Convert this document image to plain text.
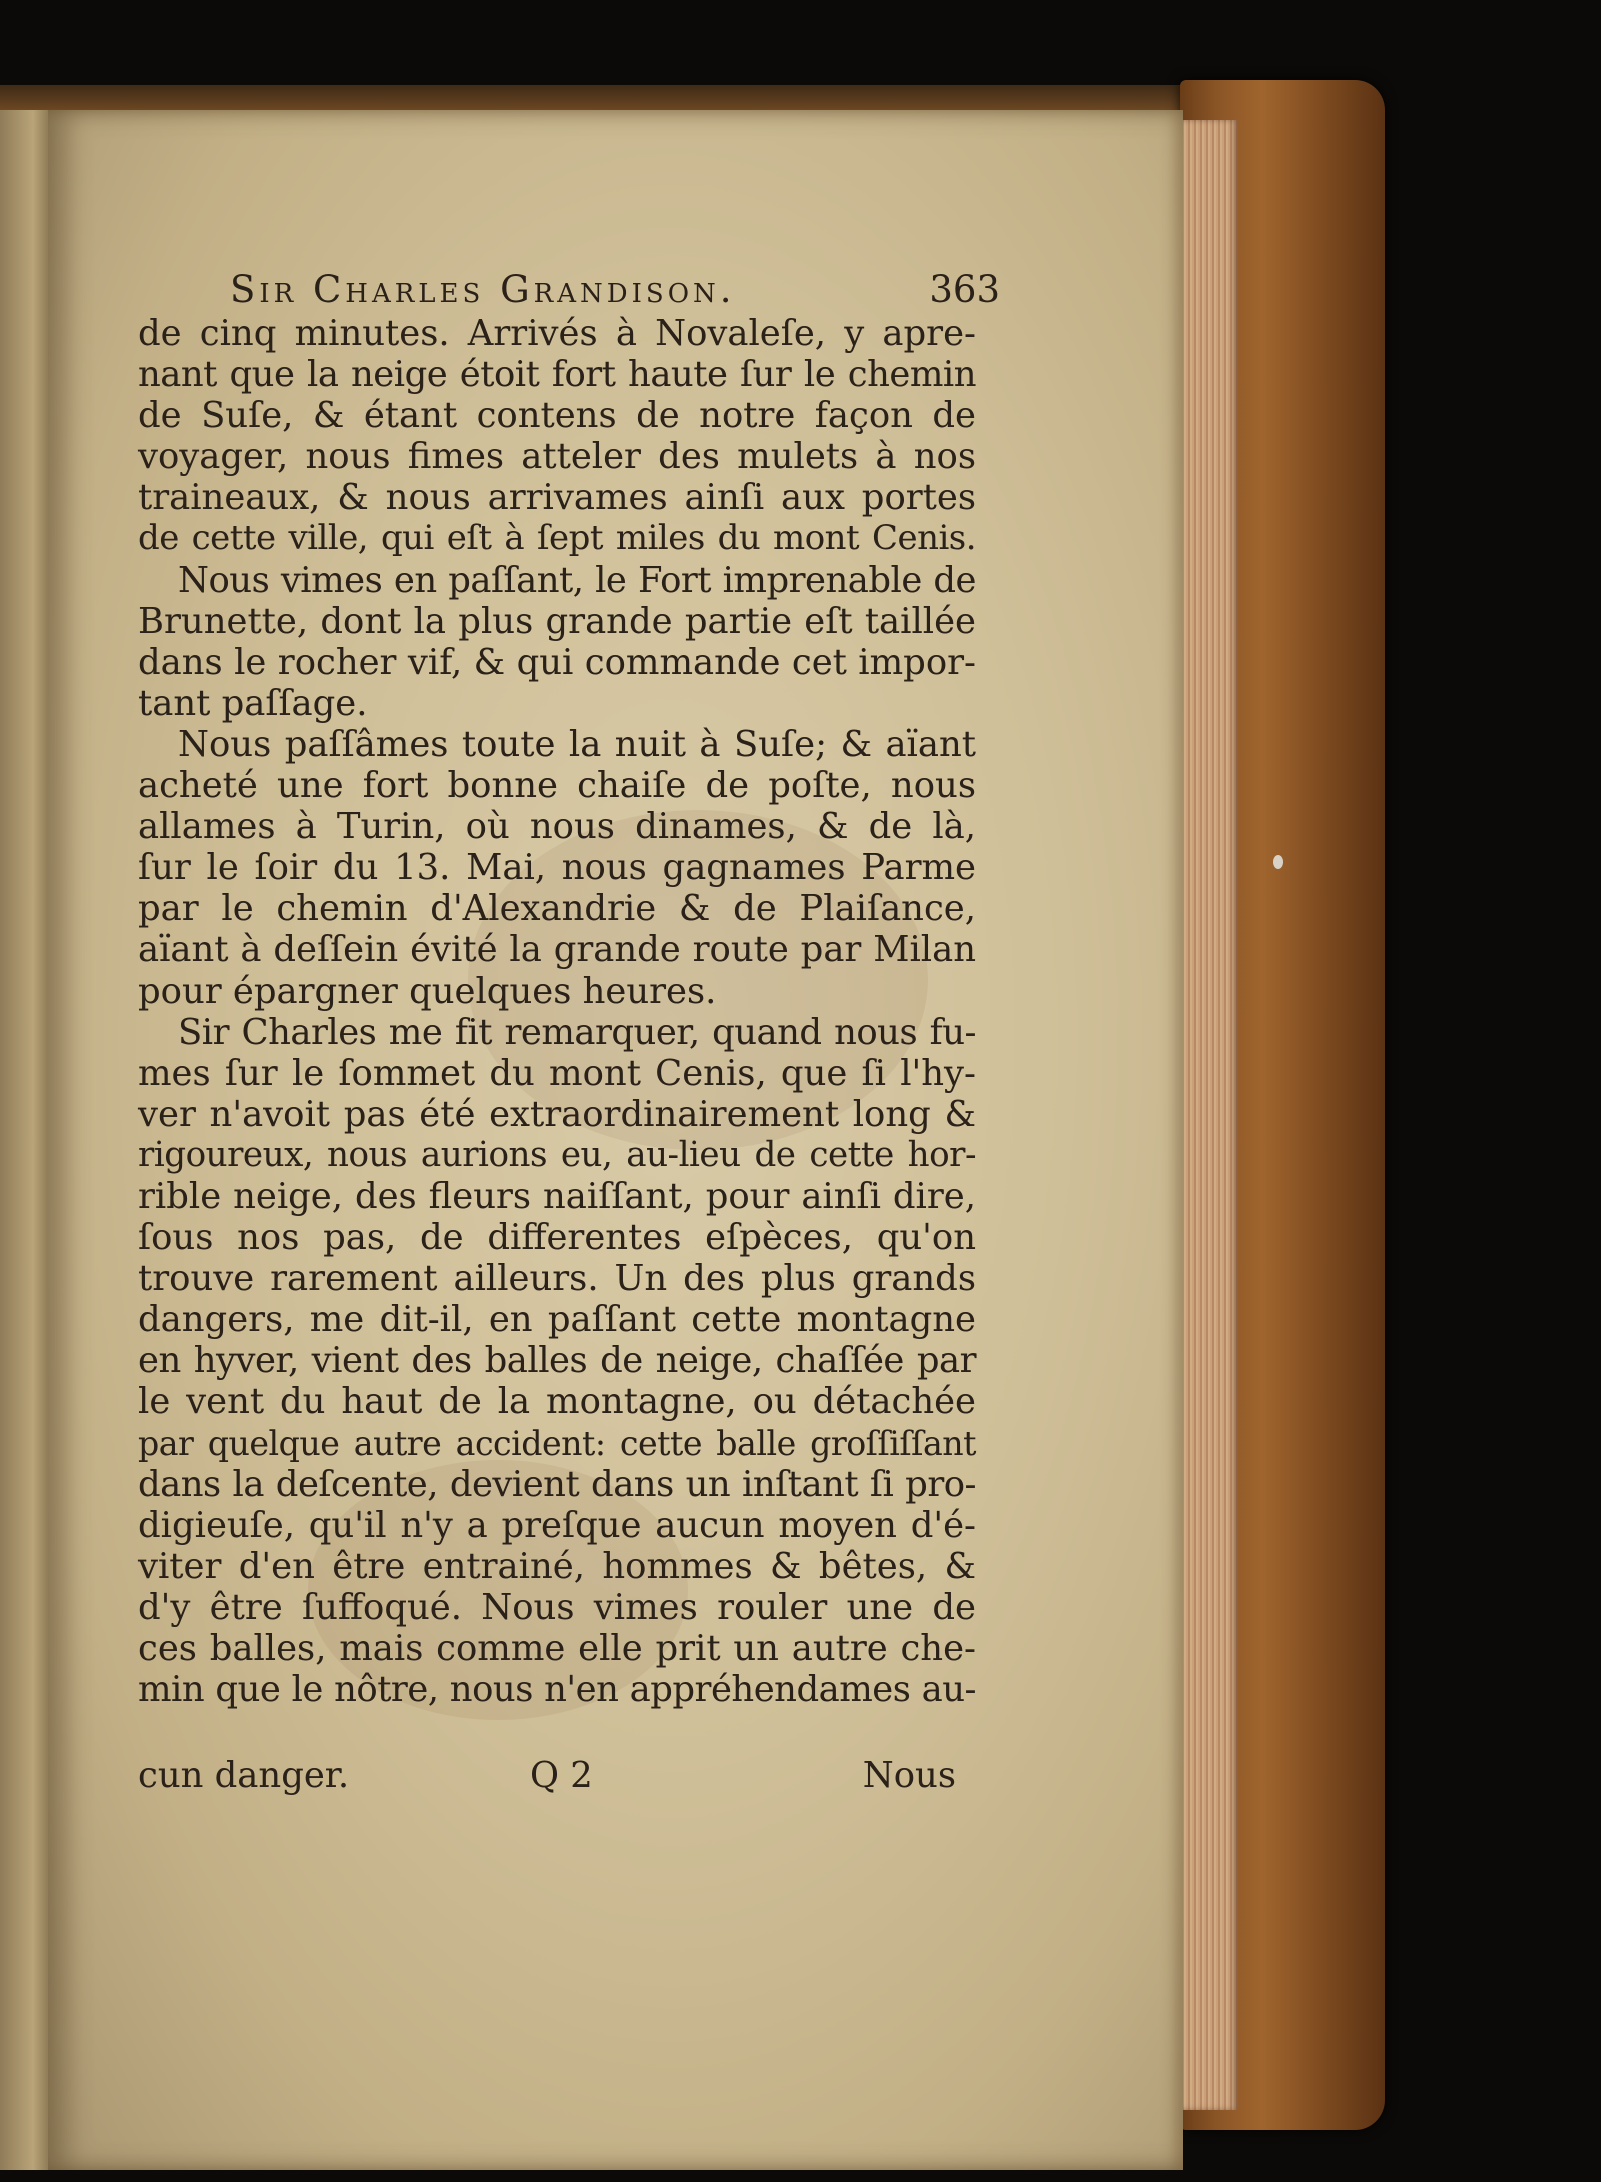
Sir Charles Grandison.	363
de cinq minutes. Arrivés à Novaleſe, y apre-
nant que la neige étoit fort haute ſur le chemin
de Suſe, & étant contens de notre façon de
voyager, nous fimes atteler des mulets à nos
traineaux, & nous arrivames ainſi aux portes
de cette ville, qui eſt à ſept miles du mont Cenis.
Nous vimes en paſſant, le Fort imprenable de
Brunette, dont la plus grande partie eſt taillée
dans le rocher vif, & qui commande cet impor-
tant paſſage.
Nous paſſâmes toute la nuit à Suſe; & aïant
acheté une fort bonne chaiſe de poſte, nous
allames à Turin, où nous dinames, & de là,
ſur le ſoir du 13. Mai, nous gagnames Parme
par le chemin d'Alexandrie & de Plaiſance,
aïant à deſſein évité la grande route par Milan
pour épargner quelques heures.
Sir Charles me fit remarquer, quand nous fu-
mes ſur le ſommet du mont Cenis, que ſi l'hy-
ver n'avoit pas été extraordinairement long &
rigoureux, nous aurions eu, au-lieu de cette hor-
rible neige, des fleurs naiſſant, pour ainſi dire,
ſous nos pas, de differentes eſpèces, qu'on
trouve rarement ailleurs. Un des plus grands
dangers, me dit-il, en paſſant cette montagne
en hyver, vient des balles de neige, chaſſée par
le vent du haut de la montagne, ou détachée
par quelque autre accident: cette balle groſſiſſant
dans la deſcente, devient dans un inſtant ſi pro-
digieuſe, qu'il n'y a preſque aucun moyen d'é-
viter d'en être entrainé, hommes & bêtes, &
d'y être ſuffoqué. Nous vimes rouler une de
ces balles, mais comme elle prit un autre che-
min que le nôtre, nous n'en appréhendames au-
cun danger.	Q 2	Nous
